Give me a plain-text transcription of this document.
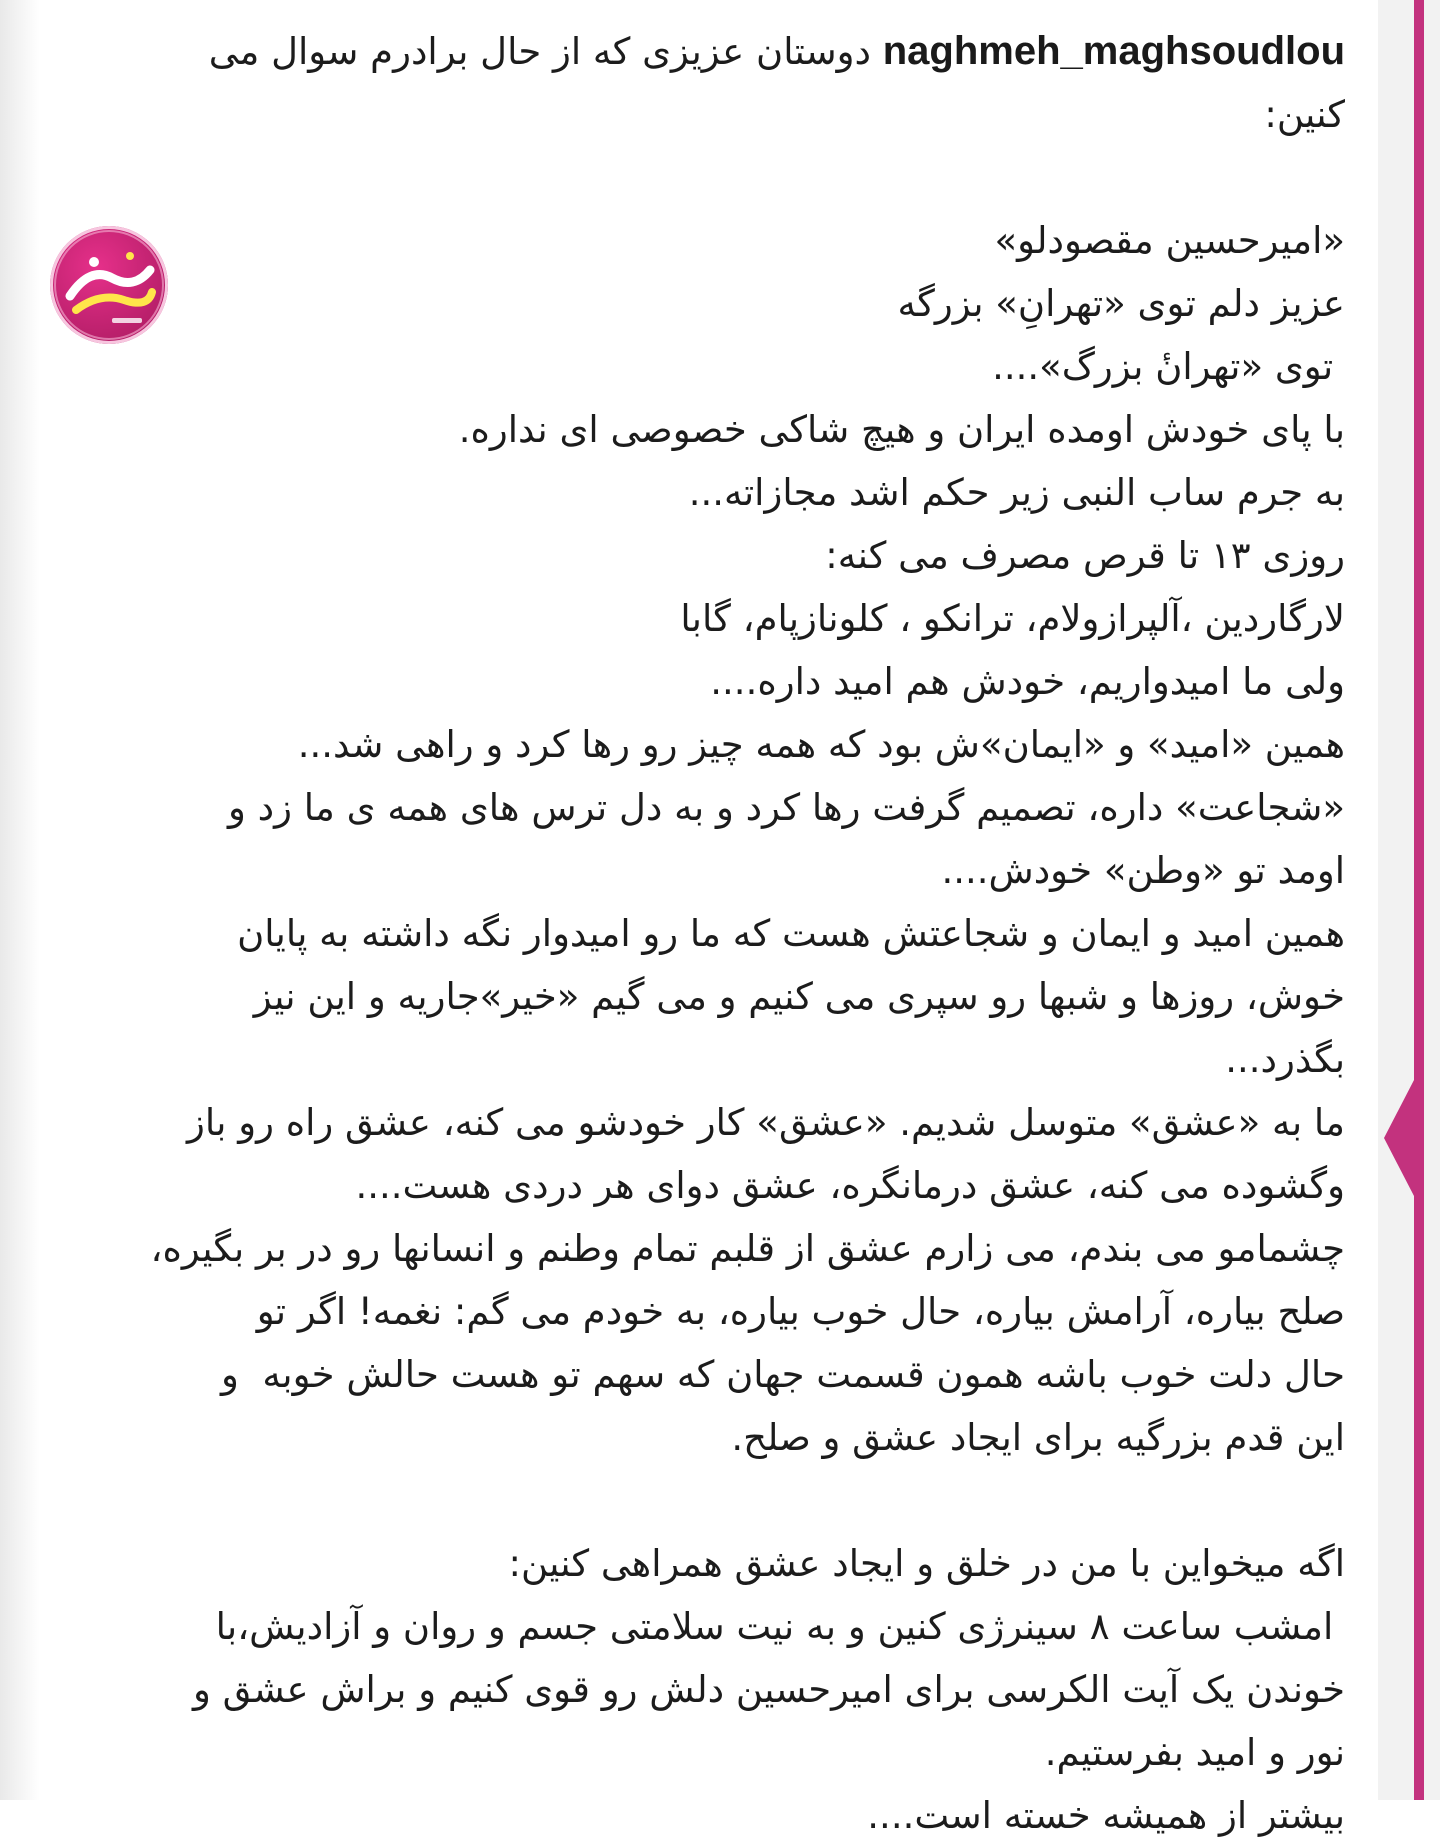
naghmeh_maghsoudlou دوستان عزیزی که از حال برادرم سوال می کنین:
«امیرحسین مقصودلو»
عزیز دلم توی «تهرانِ» بزرگه
توی «تهرانٔ بزرگ»....
با پای خودش اومده ایران و هیچ شاکی خصوصی ای نداره.
به جرم ساب النبی زیر حکم اشد مجازاته...
روزی ۱۳ تا قرص مصرف می کنه:
لارگاردین ،آلپرازولام، ترانکو ، کلونازپام، گابا
ولی ما امیدواریم، خودش هم امید داره....
همین «امید» و «ایمان»ش بود که همه چیز رو رها کرد و راهی شد...
«شجاعت» داره، تصمیم گرفت رها کرد و به دل ترس های همه ی ما زد و
اومد تو «وطن» خودش....
همین امید و ایمان و شجاعتش هست که ما رو امیدوار نگه داشته به پایان
خوش، روزها و شبها رو سپری می کنیم و می گیم «خیر»جاریه و این نیز
بگذرد...
ما به «عشق» متوسل شدیم. «عشق» کار خودشو می کنه، عشق راه رو باز
وگشوده می کنه، عشق درمانگره، عشق دوای هر دردی هست....
چشمامو می بندم، می زارم عشق از قلبم تمام وطنم و انسانها رو در بر بگیره،
صلح بیاره، آرامش بیاره، حال خوب بیاره، به خودم می گم: نغمه! اگر تو
حال دلت خوب باشه همون قسمت جهان که سهم تو هست حالش خوبه  و
این قدم بزرگیه برای ایجاد عشق و صلح.
اگه میخواین با من در خلق و ایجاد عشق همراهی کنین:
امشب ساعت ۸ سینرژی کنین و به نیت سلامتی جسم و روان و آزادیش،با
خوندن یک آیت الکرسی برای امیرحسین دلش رو قوی کنیم و براش عشق و
نور و امید بفرستیم.
بیشتر از همیشه خسته است....
